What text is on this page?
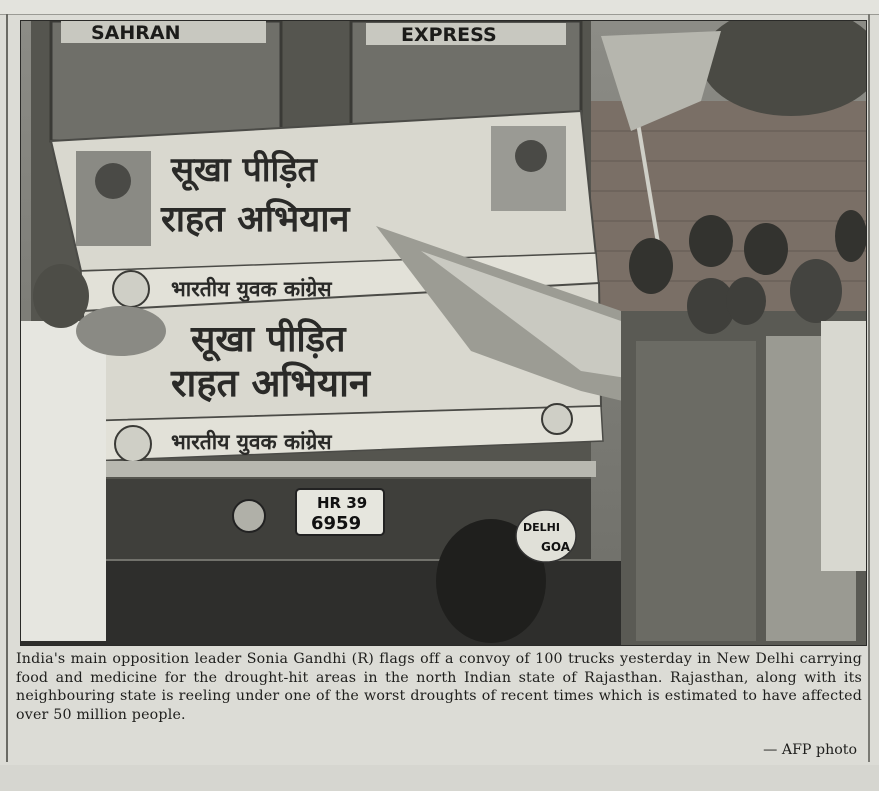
SAHRAN	EXPRESS
सूखा पीड़ित
राहत अभियान
भारतीय युवक कांग्रेस
सूखा पीड़ित
राहत अभियान
भारतीय युवक कांग्रेस
HR 39
6959	DELHI
GOA
India's main opposition leader Sonia Gandhi (R) flags off a convoy of 100 trucks yesterday in New Delhi carrying food and medicine for the drought-hit areas in the north Indian state of Rajasthan. Rajasthan, along with its neighbouring state is reeling under one of the worst droughts of recent times which is estimated to have affected over 50 million people.
— AFP photo
